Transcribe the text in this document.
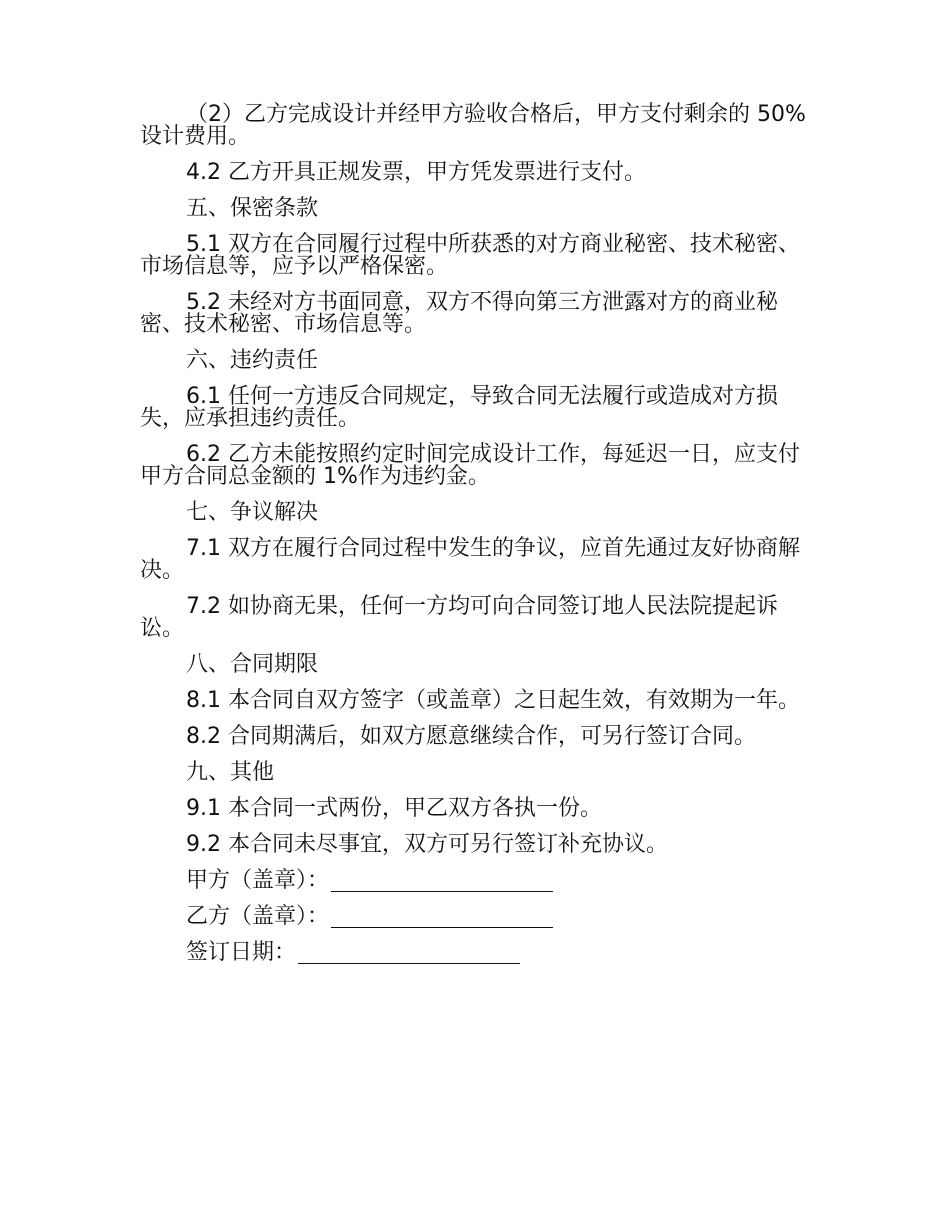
（2）乙方完成设计并经甲方验收合格后，甲方支付剩余的 50%设计费用。

4.2 乙方开具正规发票，甲方凭发票进行支付。

五、保密条款

5.1 双方在合同履行过程中所获悉的对方商业秘密、技术秘密、市场信息等，应予以严格保密。

5.2 未经对方书面同意，双方不得向第三方泄露对方的商业秘密、技术秘密、市场信息等。

六、违约责任

6.1 任何一方违反合同规定，导致合同无法履行或造成对方损失，应承担违约责任。

6.2 乙方未能按照约定时间完成设计工作，每延迟一日，应支付甲方合同总金额的 1%作为违约金。

七、争议解决

7.1 双方在履行合同过程中发生的争议，应首先通过友好协商解决。

7.2 如协商无果，任何一方均可向合同签订地人民法院提起诉讼。

八、合同期限

8.1 本合同自双方签字（或盖章）之日起生效，有效期为一年。

8.2 合同期满后，如双方愿意继续合作，可另行签订合同。

九、其他

9.1 本合同一式两份，甲乙双方各执一份。

9.2 本合同未尽事宜，双方可另行签订补充协议。

甲方（盖章）：
乙方（盖章）：
签订日期：
